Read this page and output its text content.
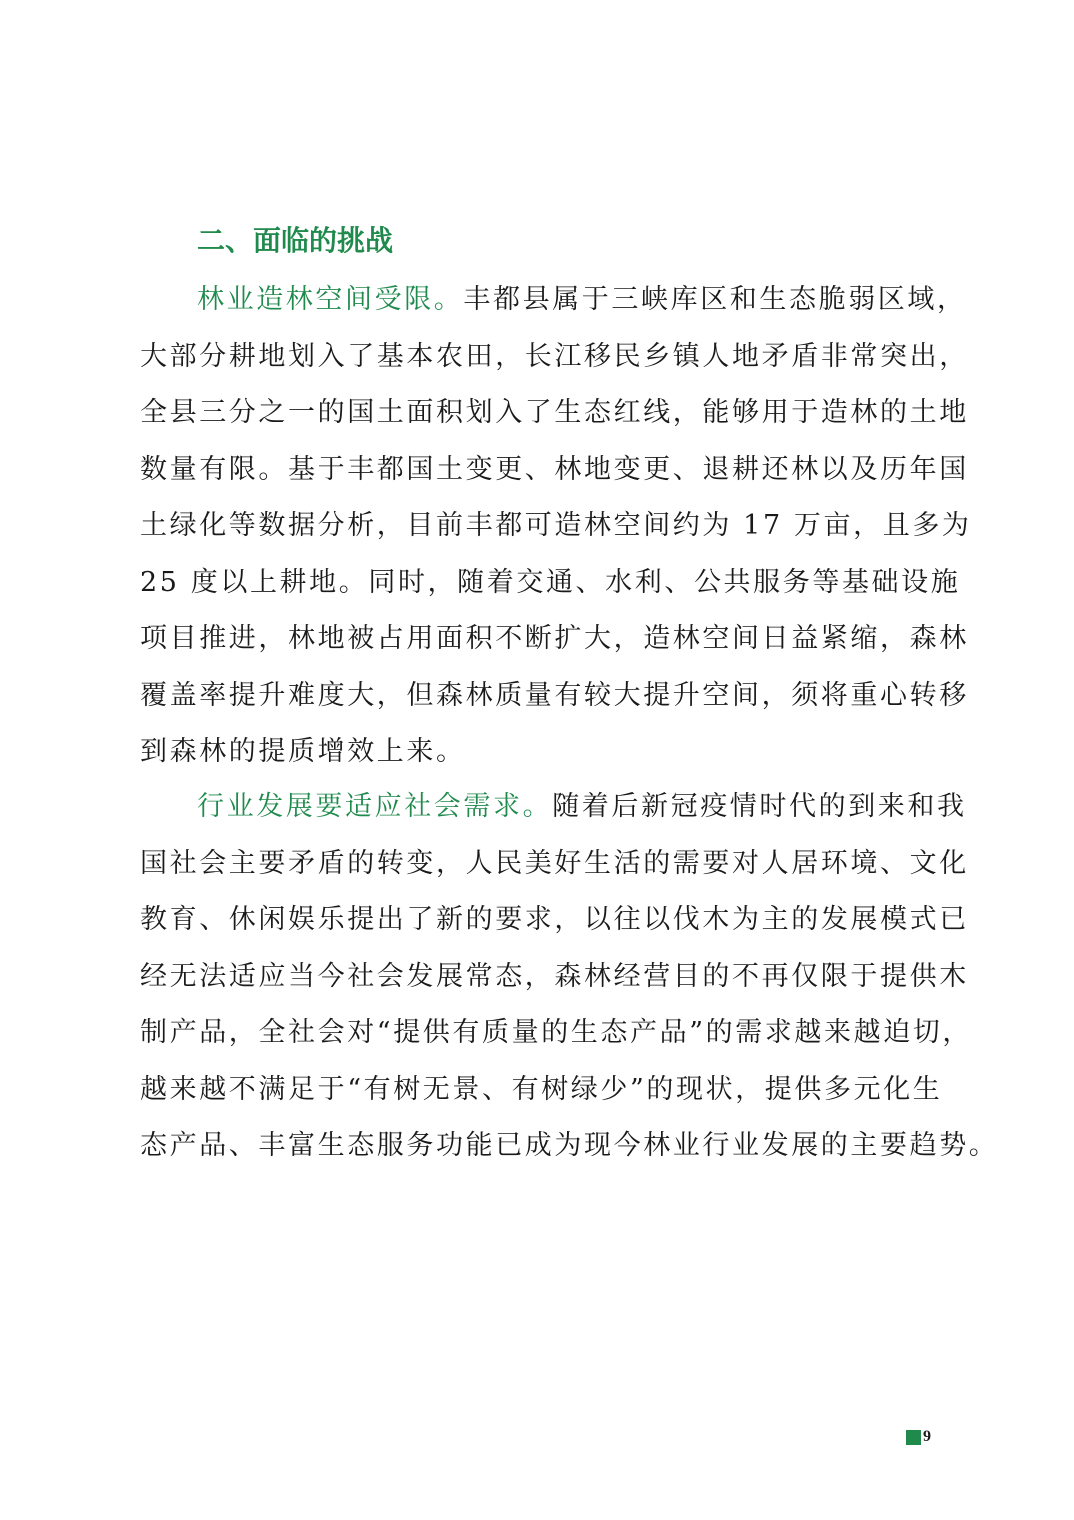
二、面临的挑战

林业造林空间受限。丰都县属于三峡库区和生态脆弱区域，
大部分耕地划入了基本农田，长江移民乡镇人地矛盾非常突出，
全县三分之一的国土面积划入了生态红线，能够用于造林的土地
数量有限。基于丰都国土变更、林地变更、退耕还林以及历年国
土绿化等数据分析，目前丰都可造林空间约为 17 万亩，且多为
25 度以上耕地。同时，随着交通、水利、公共服务等基础设施
项目推进，林地被占用面积不断扩大，造林空间日益紧缩，森林
覆盖率提升难度大，但森林质量有较大提升空间，须将重心转移
到森林的提质增效上来。

行业发展要适应社会需求。随着后新冠疫情时代的到来和我
国社会主要矛盾的转变，人民美好生活的需要对人居环境、文化
教育、休闲娱乐提出了新的要求，以往以伐木为主的发展模式已
经无法适应当今社会发展常态，森林经营目的不再仅限于提供木
制产品，全社会对“提供有质量的生态产品”的需求越来越迫切，
越来越不满足于“有树无景、有树绿少”的现状，提供多元化生
态产品、丰富生态服务功能已成为现今林业行业发展的主要趋势。

9
